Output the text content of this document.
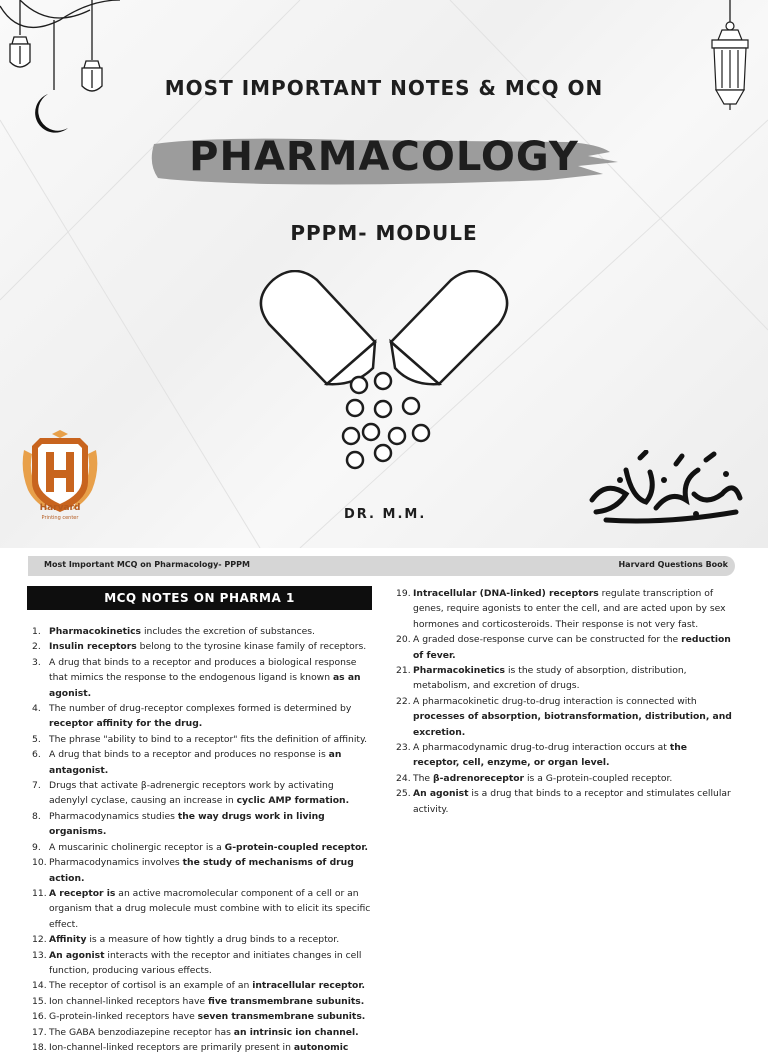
MOST IMPORTANT NOTES & MCQ ON
PHARMACOLOGY
PPPM- MODULE
Harvard
Printing center	DR. M.M.
Most Important MCQ on Pharmacology- PPPM	Harvard Questions Book
MCQ NOTES ON PHARMA 1
1. Pharmacokinetics includes the excretion of substances.
2. Insulin receptors belong to the tyrosine kinase family of receptors.
3. A drug that binds to a receptor and produces a biological response that mimics the response to the endogenous ligand is known as an agonist.
4. The number of drug-receptor complexes formed is determined by receptor affinity for the drug.
5. The phrase "ability to bind to a receptor" fits the definition of affinity.
6. A drug that binds to a receptor and produces no response is an antagonist.
7. Drugs that activate β-adrenergic receptors work by activating adenylyl cyclase, causing an increase in cyclic AMP formation.
8. Pharmacodynamics studies the way drugs work in living organisms.
9. A muscarinic cholinergic receptor is a G-protein-coupled receptor.
10. Pharmacodynamics involves the study of mechanisms of drug action.
11. A receptor is an active macromolecular component of a cell or an organism that a drug molecule must combine with to elicit its specific effect.
12. Affinity is a measure of how tightly a drug binds to a receptor.
13. An agonist interacts with the receptor and initiates changes in cell function, producing various effects.
14. The receptor of cortisol is an example of an intracellular receptor.
15. Ion channel-linked receptors have five transmembrane subunits.
16. G-protein-linked receptors have seven transmembrane subunits.
17. The GABA benzodiazepine receptor has an intrinsic ion channel.
18. Ion-channel-linked receptors are primarily present in autonomic
19. Intracellular (DNA-linked) receptors regulate transcription of genes, require agonists to enter the cell, and are acted upon by sex hormones and corticosteroids. Their response is not very fast.
20. A graded dose-response curve can be constructed for the reduction of fever.
21. Pharmacokinetics is the study of absorption, distribution, metabolism, and excretion of drugs.
22. A pharmacokinetic drug-to-drug interaction is connected with processes of absorption, biotransformation, distribution, and excretion.
23. A pharmacodynamic drug-to-drug interaction occurs at the receptor, cell, enzyme, or organ level.
24. The β-adrenoreceptor is a G-protein-coupled receptor.
25. An agonist is a drug that binds to a receptor and stimulates cellular activity.
